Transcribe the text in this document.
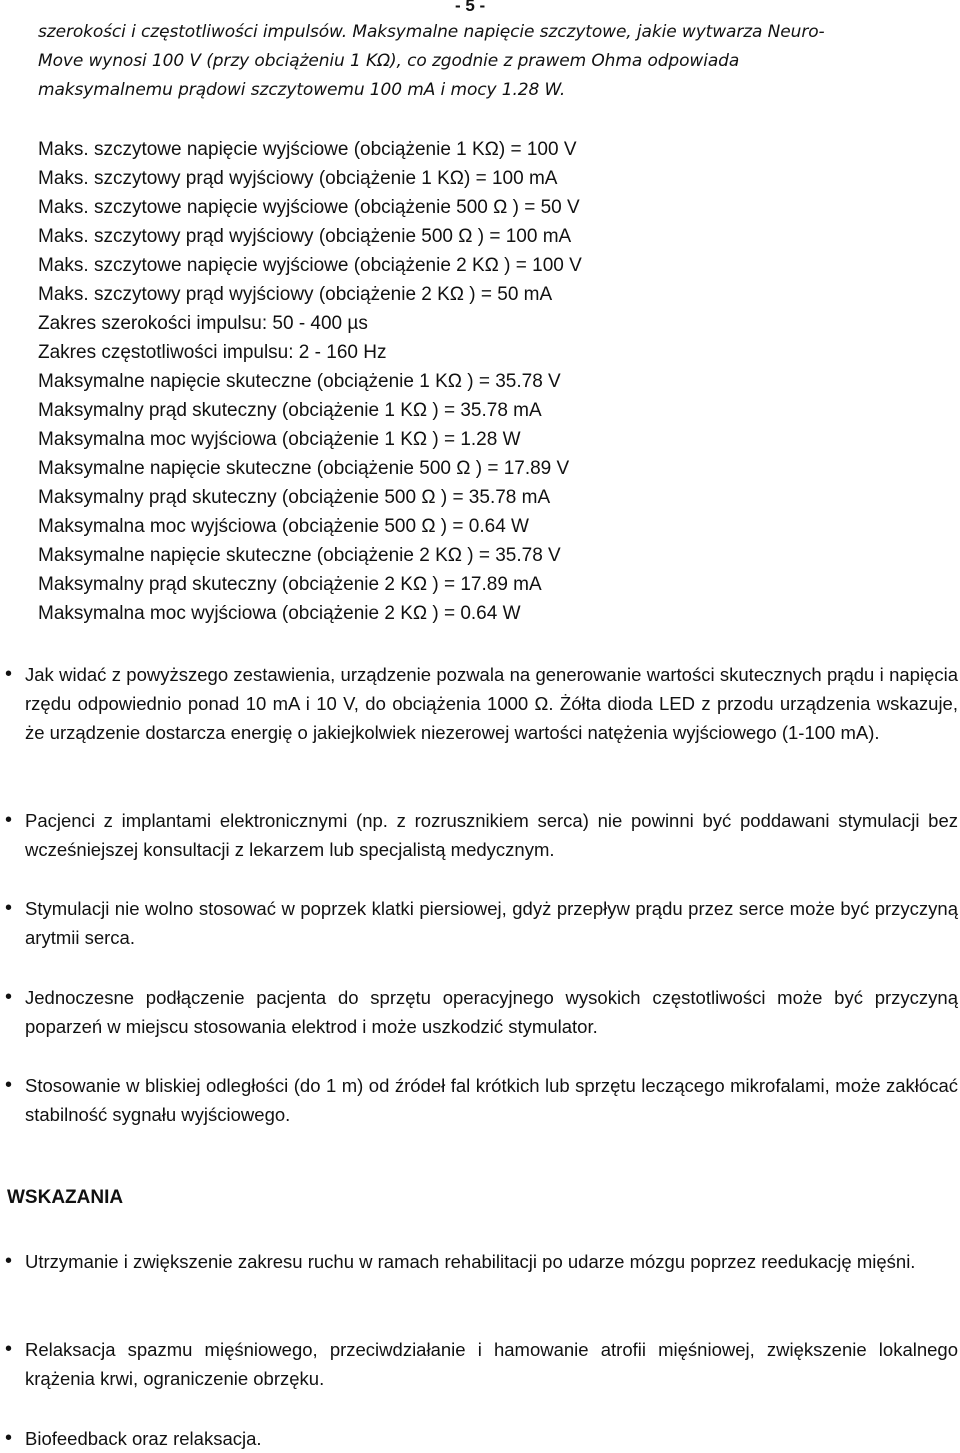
- 5 -
szerokości i częstotliwości impulsów. Maksymalne napięcie szczytowe, jakie wytwarza Neuro-
Move wynosi 100 V (przy obciążeniu 1 KΩ), co zgodnie z prawem Ohma odpowiada
maksymalnemu prądowi szczytowemu 100 mA i mocy 1.28 W.
Maks. szczytowe napięcie wyjściowe (obciążenie 1 KΩ) = 100 V
Maks. szczytowy prąd wyjściowy (obciążenie 1 KΩ) = 100 mA
Maks. szczytowe napięcie wyjściowe (obciążenie 500 Ω ) = 50 V
Maks. szczytowy prąd wyjściowy (obciążenie 500 Ω ) = 100 mA
Maks. szczytowe napięcie wyjściowe (obciążenie 2 KΩ ) = 100 V
Maks. szczytowy prąd wyjściowy (obciążenie 2 KΩ ) = 50 mA
Zakres szerokości impulsu: 50 - 400 µs
Zakres częstotliwości impulsu: 2 - 160 Hz
Maksymalne napięcie skuteczne (obciążenie 1 KΩ ) = 35.78 V
Maksymalny prąd skuteczny (obciążenie 1 KΩ ) = 35.78 mA
Maksymalna moc wyjściowa (obciążenie 1 KΩ ) = 1.28 W
Maksymalne napięcie skuteczne (obciążenie 500 Ω ) = 17.89 V
Maksymalny prąd skuteczny (obciążenie 500 Ω ) = 35.78 mA
Maksymalna moc wyjściowa (obciążenie 500 Ω ) = 0.64 W
Maksymalne napięcie skuteczne (obciążenie 2 KΩ ) = 35.78 V
Maksymalny prąd skuteczny (obciążenie 2 KΩ ) = 17.89 mA
Maksymalna moc wyjściowa (obciążenie 2 KΩ ) = 0.64 W
• Jak widać z powyższego zestawienia, urządzenie pozwala na generowanie wartości skutecznych prądu i napięcia rzędu odpowiednio ponad 10 mA i 10 V, do obciążenia 1000 Ω. Żółta dioda LED z przodu urządzenia wskazuje, że urządzenie dostarcza energię o jakiejkolwiek niezerowej wartości natężenia wyjściowego (1-100 mA).
• Pacjenci z implantami elektronicznymi (np. z rozrusznikiem serca) nie powinni być poddawani stymulacji bez wcześniejszej konsultacji z lekarzem lub specjalistą medycznym.
• Stymulacji nie wolno stosować w poprzek klatki piersiowej, gdyż przepływ prądu przez serce może być przyczyną arytmii serca.
• Jednoczesne podłączenie pacjenta do sprzętu operacyjnego wysokich częstotliwości może być przyczyną poparzeń w miejscu stosowania elektrod i może uszkodzić stymulator.
• Stosowanie w bliskiej odległości (do 1 m) od źródeł fal krótkich lub sprzętu leczącego mikrofalami, może zakłócać stabilność sygnału wyjściowego.
WSKAZANIA
• Utrzymanie i zwiększenie zakresu ruchu w ramach rehabilitacji po udarze mózgu poprzez reedukację mięśni.
• Relaksacja spazmu mięśniowego, przeciwdziałanie i hamowanie atrofii mięśniowej, zwiększenie lokalnego krążenia krwi, ograniczenie obrzęku.
• Biofeedback oraz relaksacja.
